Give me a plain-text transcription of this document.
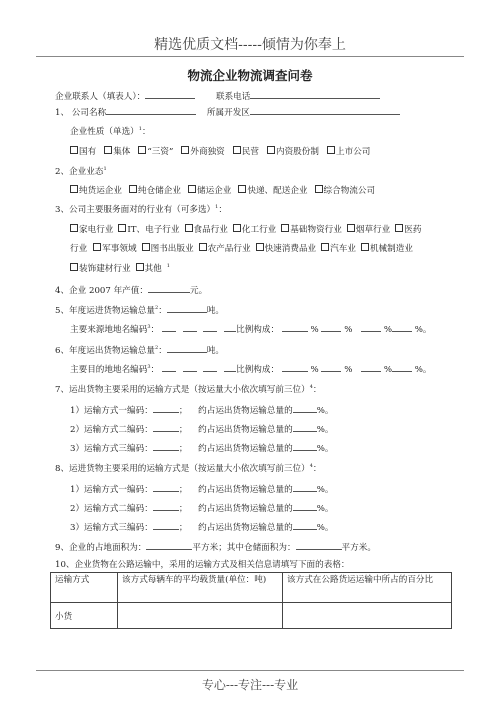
精选优质文档-----倾情为你奉上
物流企业物流调查问卷
企业联系人（填表人）：	联系电话
1、 公司名称	所属开发区
企业性质（单选）$^1$：
国有 集体 “三资” 外商独资 民营 内资股份制 上市公司
2、企业业态$^1$
纯货运企业 纯仓储企业 储运企业 快递、配送企业 综合物流公司
3、公司主要服务面对的行业有（可多选）$^1$：
家电行业 IT、电子行业 食品行业 化工行业 基础物资行业 烟草行业 医药
行业 军事领域 图书出版业 农产品行业 快速消费品业 汽车业 机械制造业
装饰建材行业 其他 $^1$
4、企业 2007 年产值：	元。
5、年度运进货物运输总量$^2$：	吨。
主要来源地地名编码$^3$：	比例构成：	%	%	%	%。
6、年度运出货物运输总量$^2$：	吨。
主要目的地地名编码$^3$：	比例构成：	%	%	%	%。
7、运出货物主要采用的运输方式是（按运量大小依次填写前三位）$^4$：
1）运输方式一编码：	； 约占运出货物运输总量的	%。
2）运输方式二编码：	； 约占运出货物运输总量的	%。
3）运输方式三编码：	； 约占运出货物运输总量的	%。
8、运进货物主要采用的运输方式是（按运量大小依次填写前三位）$^4$：
1）运输方式一编码：	； 约占运出货物运输总量的	%。
2）运输方式二编码：	； 约占运出货物运输总量的	%。
3）运输方式三编码：	； 约占运出货物运输总量的	%。
9、企业的占地面积为：	平方米；其中仓储面积为：	平方米。
10、企业货物在公路运输中，采用的运输方式及相关信息请填写下面的表格：
运输方式	该方式每辆车的平均载货量(单位：吨)	该方式在公路货运运输中所占的百分比
小货		
专心---专注---专业
